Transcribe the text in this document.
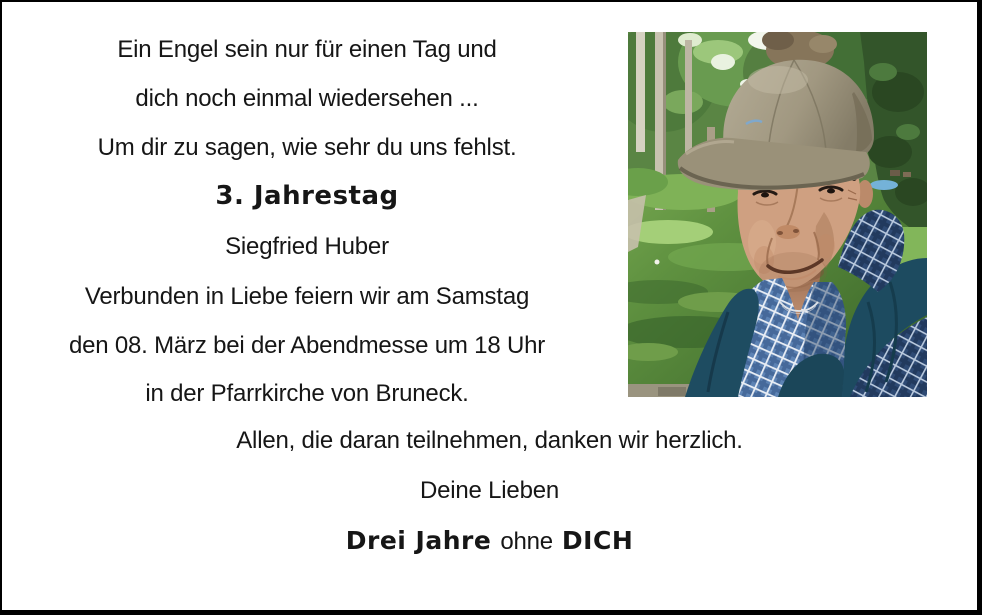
Ein Engel sein nur für einen Tag und
dich noch einmal wiedersehen ...
Um dir zu sagen, wie sehr du uns fehlst.
3. Jahrestag
Siegfried Huber
Verbunden in Liebe feiern wir am Samstag
den 08. März bei der Abendmesse um 18 Uhr
in der Pfarrkirche von Bruneck.
Allen, die daran teilnehmen, danken wir herzlich.
Deine Lieben
Drei Jahre ohne DICH
